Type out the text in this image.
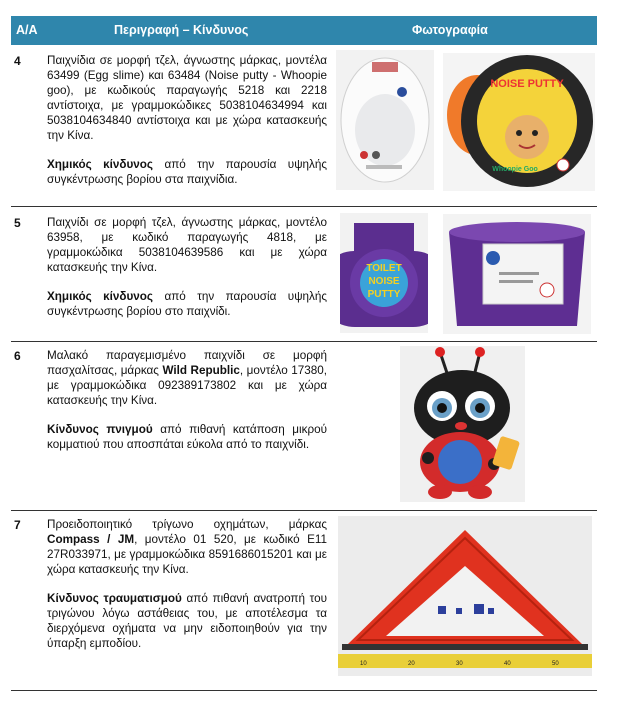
Α/Α	Περιγραφή – Κίνδυνος	Φωτογραφία
4 Παιχνίδια σε μορφή τζελ, άγνωστης μάρκας, μοντέλα 63499 (Egg slime) και 63484 (Noise putty - Whoopie goo), με κωδικούς παραγωγής 5218 και 2218 αντίστοιχα, με γραμμοκώδικες 5038104634994 και 5038104634840 αντίστοιχα και με χώρα κατασκευής την Κίνα.

Χημικός κίνδυνος από την παρουσία υψηλής συγκέντρωσης βορίου στα παιχνίδια.

NOISE PUTTY
Whoopie Goo
5 Παιχνίδι σε μορφή τζελ, άγνωστης μάρκας, μοντέλο 63958, με κωδικό παραγωγής 4818, με γραμμοκώδικα 5038104639586 και με χώρα κατασκευής την Κίνα.

Χημικός κίνδυνος από την παρουσία υψηλής συγκέντρωσης βορίου στο παιχνίδι.

TOILET
NOISE
PUTTY
6 Μαλακό παραγεμισμένο παιχνίδι σε μορφή πασχαλίτσας, μάρκας Wild Republic, μοντέλο 17380, με γραμμοκώδικα 092389173802 και με χώρα κατασκευής την Κίνα.

Κίνδυνος πνιγμού από πιθανή κατάποση μικρού κομματιού που αποσπάται εύκολα από το παιχνίδι.

7 Προειδοποιητικό τρίγωνο οχημάτων, μάρκας Compass / JM, μοντέλο 01 520, με κωδικό E11 27R033971, με γραμμοκώδικα 8591686015201 και με χώρα κατασκευής την Κίνα.

Κίνδυνος τραυματισμού από πιθανή ανατροπή του τριγώνου λόγω αστάθειας του, με αποτέλεσμα τα διερχόμενα οχήματα να μην ειδοποιηθούν για την ύπαρξη εμποδίου.

10	20	30	40	50
